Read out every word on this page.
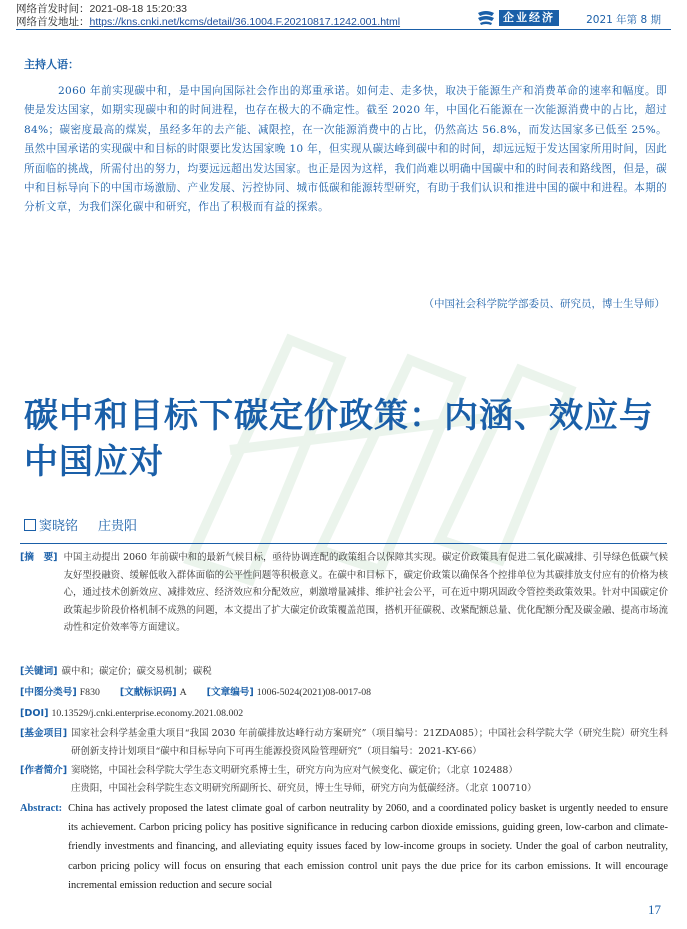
网络首发时间：2021-08-18 15:20:33
网络首发地址：https://kns.cnki.net/kcms/detail/36.1004.F.20210817.1242.001.html	企业经济	2021 年第 8 期
主持人语：

2060 年前实现碳中和，是中国向国际社会作出的郑重承诺。如何走、走多快，取决于能源生产和消费革命的速率和幅度。即使是发达国家，如期实现碳中和的时间进程，也存在极大的不确定性。截至 2020 年，中国化石能源在一次能源消费中的占比，超过 84%；碳密度最高的煤炭，虽经多年的去产能、减限控，在一次能源消费中的占比，仍然高达 56.8%，而发达国家多已低至 25%。虽然中国承诺的实现碳中和目标的时限要比发达国家晚 10 年，但实现从碳达峰到碳中和的时间，却远远短于发达国家所用时间，因此所面临的挑战，所需付出的努力，均要远远超出发达国家。也正是因为这样，我们尚难以明确中国碳中和的时间表和路线图，但是，碳中和目标导向下的中国市场激励、产业发展、污控协同、城市低碳和能源转型研究，有助于我们认识和推进中国的碳中和进程。本期的分析文章，为我们深化碳中和研究，作出了积极而有益的探索。

（中国社会科学院学部委员、研究员，博士生导师）
碳中和目标下碳定价政策：内涵、效应与中国应对
窦晓铭 庄贵阳
[摘　要] 中国主动提出 2060 年前碳中和的最新气候目标，亟待协调连配的政策组合以保障其实现。碳定价政策具有促进二氧化碳减排、引导绿色低碳气候友好型投融资、缓解低收入群体面临的公平性问题等积极意义。在碳中和目标下，碳定价政策以确保各个控排单位为其碳排放支付应有的价格为核心，通过技术创新效应、减排效应、经济效应和分配效应，刺激增量减排、维护社会公平，可在近中期巩固政令管控类政策效果。针对中国碳定价政策起步阶段价格机制不成熟的问题，本文提出了扩大碳定价政策覆盖范围，搭机开征碳税、改紧配额总量、优化配额分配及碳金融、提高市场流动性和定价效率等方面建议。
[关键词] 碳中和；碳定价；碳交易机制；碳税
[中图分类号] F830 [文献标识码] A [文章编号] 1006-5024(2021)08-0017-08
[DOI] 10.13529/j.cnki.enterprise.economy.2021.08.002
[基金项目] 国家社会科学基金重大项目“我国 2030 年前碳排放达峰行动方案研究”（项目编号：21ZDA085）；中国社会科学院大学（研究生院）研究生科研创新支持计划项目“碳中和目标导向下可再生能源投资风险管理研究”（项目编号：2021-KY-66）
[作者简介] 窦晓铭，中国社会科学院大学生态文明研究系博士生，研究方向为应对气候变化、碳定价；（北京 102488）
庄贵阳，中国社会科学院生态文明研究所副所长、研究员，博士生导师，研究方向为低碳经济。（北京 100710）
Abstract: China has actively proposed the latest climate goal of carbon neutrality by 2060, and a coordinated policy basket is urgently needed to ensure its achievement. Carbon pricing policy has positive significance in reducing carbon dioxide emissions, guiding green, low-carbon and climate-friendly investments and financing, and alleviating equity issues faced by low-income groups in society. Under the goal of carbon neutrality, carbon pricing policy will focus on ensuring that each emission control unit pays the due price for its carbon emissions. It will encourage incremental emission reduction and secure social
17
